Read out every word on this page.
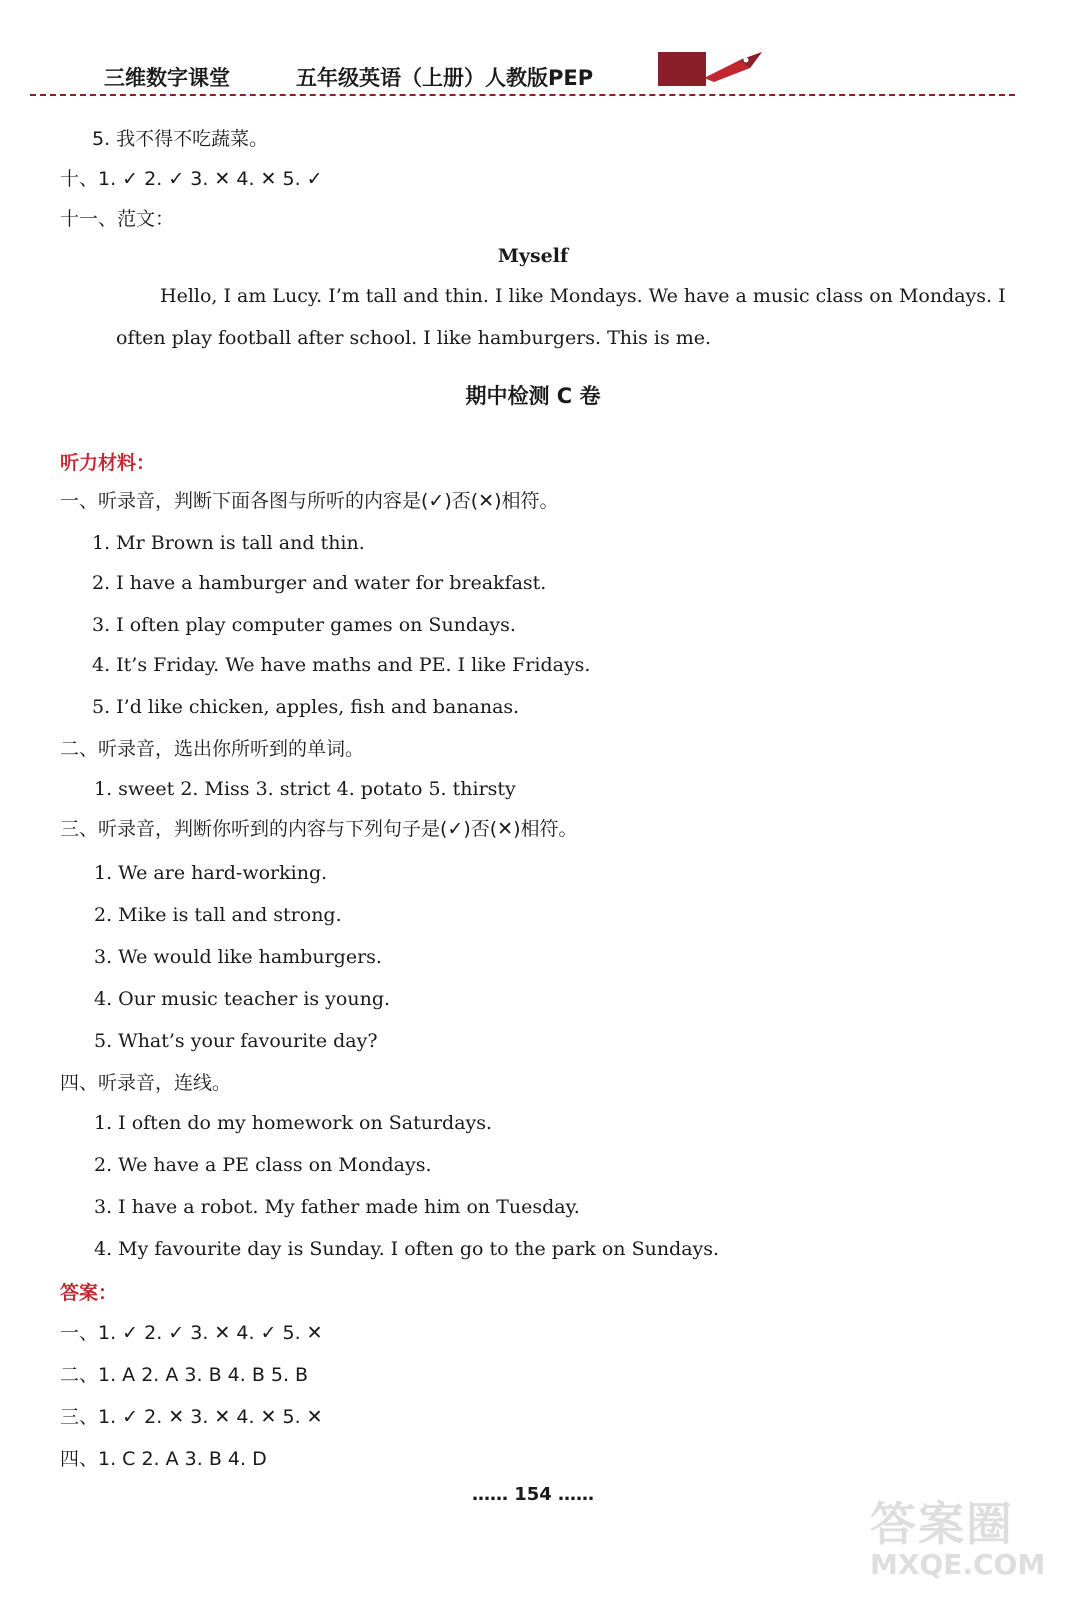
三维数字课堂	五年级英语（上册）人教版PEP
5. 我不得不吃蔬菜。
十、1. ✓ 2. ✓ 3. ✕ 4. ✕ 5. ✓
十一、范文：
Myself
Hello, I am Lucy. I’m tall and thin. I like Mondays. We have a music class on Mondays. I
often play football after school. I like hamburgers. This is me.
期中检测 C 卷
听力材料：
一、听录音，判断下面各图与所听的内容是(✓)否(✕)相符。
1. Mr Brown is tall and thin.
2. I have a hamburger and water for breakfast.
3. I often play computer games on Sundays.
4. It’s Friday. We have maths and PE. I like Fridays.
5. I’d like chicken, apples, fish and bananas.
二、听录音，选出你所听到的单词。
1. sweet 2. Miss 3. strict 4. potato 5. thirsty
三、听录音，判断你听到的内容与下列句子是(✓)否(✕)相符。
1. We are hard-working.
2. Mike is tall and strong.
3. We would like hamburgers.
4. Our music teacher is young.
5. What’s your favourite day?
四、听录音，连线。
1. I often do my homework on Saturdays.
2. We have a PE class on Mondays.
3. I have a robot. My father made him on Tuesday.
4. My favourite day is Sunday. I often go to the park on Sundays.
答案：
一、1. ✓ 2. ✓ 3. ✕ 4. ✓ 5. ✕
二、1. A 2. A 3. B 4. B 5. B
三、1. ✓ 2. ✕ 3. ✕ 4. ✕ 5. ✕
四、1. C 2. A 3. B 4. D
…… 154 ……
答案圈
MXQE.COM
